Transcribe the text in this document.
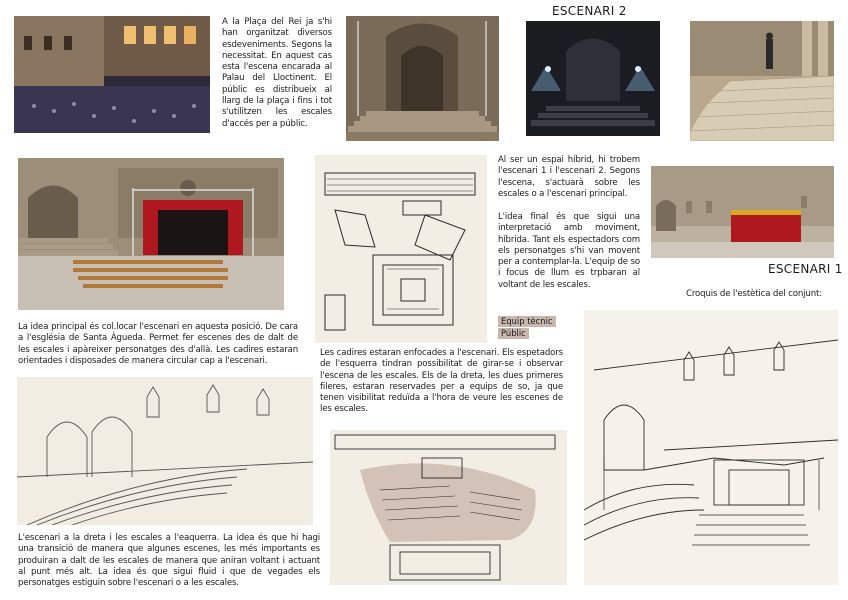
A la Plaça del Rei ja s'hi han organitzat diversos esdeveniments. Segons la necessitat. En aquest cas esta l'escena encarada al Palau del Lloctinent. El públic es distribueix al llarg de la plaça i fins i tot s'utilitzen les escales d'accés per a públic.
ESCENARI 2
La idea principal és col.locar l'escenari en aquesta posició. De cara a l'església de Santa Àgueda. Permet fer escenes des de dalt de les escales i apàreixer personatges des d'allà. Les cadires estaran orientades i disposades de manera circular cap a l'escenari.
Les cadires estaran enfocades a l'escenari. Els espetadors de l'esquerra tindran possibilitat de girar-se i observar l'escena de les escales. Els de la dreta, les dues primeres fileres, estaran reservades per a equips de so, ja que tenen visibilitat reduïda a l'hora de veure les escenes de les escales.
Al ser un espai híbrid, hi trobem l'escenari 1 i l'escenari 2. Segons l'escena, s'actuarà sobre les escales o a l'escenari principal.
L'idea final és que sigui una interpretació amb moviment, híbrida. Tant els espectadors com els personatges s'hi van movent per a contemplar-la. L'equip de so i focus de llum es trpbaran al voltant de les escales.
Equip tècnic
Públic
ESCENARI 1
Croquis de l'estètica del conjunt:
L'escenari a la dreta i les escales a l'eaquerra. La idea és que hi hagi una transició de manera que algunes escenes, les més importants es produiran a dalt de les escales de manera que aniran voltant i actuant al punt més alt. La idea és que sigui fluid i que de vegades els personatges estiguin sobre l'escenari o a les escales.
